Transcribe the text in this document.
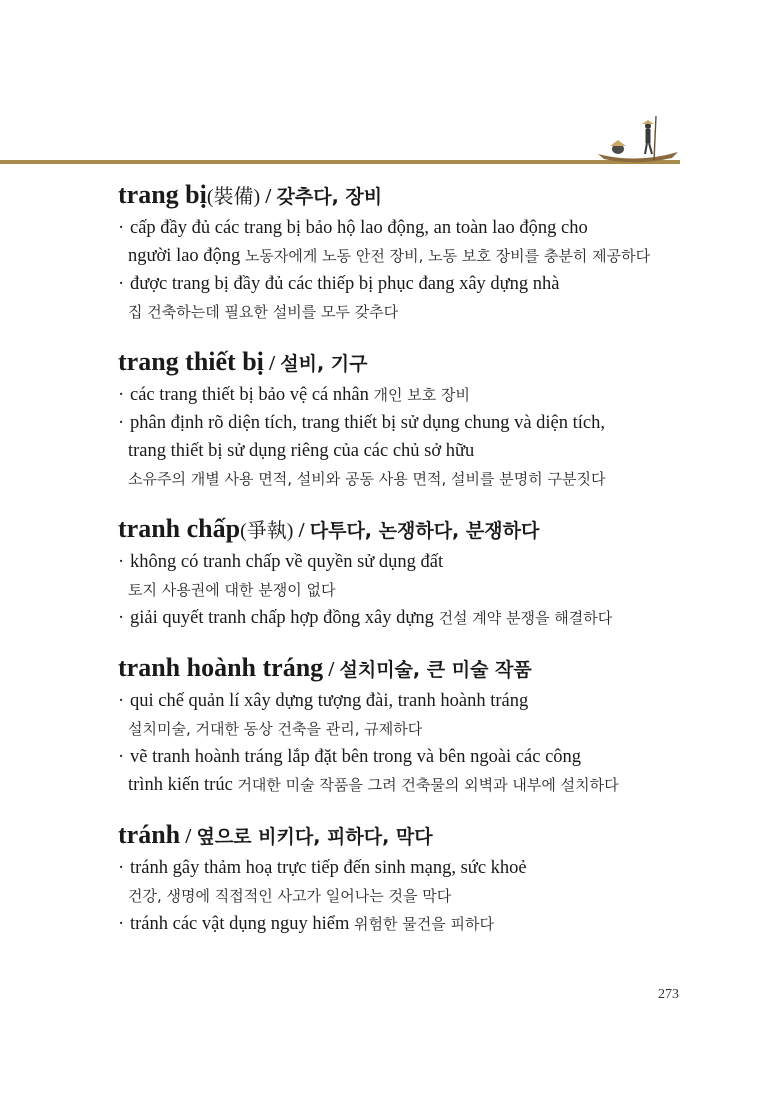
trang bị(裝備) / 갖추다, 장비
· cấp đầy đủ các trang bị bảo hộ lao động, an toàn lao động cho
người lao động 노동자에게 노동 안전 장비, 노동 보호 장비를 충분히 제공하다
· được trang bị đầy đủ các thiếp bị phục đang xây dựng nhà
집 건축하는데 필요한 설비를 모두 갖추다
trang thiết bị / 설비, 기구
· các trang thiết bị bảo vệ cá nhân 개인 보호 장비
· phân định rõ diện tích, trang thiết bị sử dụng chung và diện tích,
trang thiết bị sử dụng riêng của các chủ sở hữu
소유주의 개별 사용 면적, 설비와 공동 사용 면적, 설비를 분명히 구분짓다
tranh chấp(爭執) / 다투다, 논쟁하다, 분쟁하다
· không có tranh chấp về quyền sử dụng đất
토지 사용권에 대한 분쟁이 없다
· giải quyết tranh chấp hợp đồng xây dựng 건설 계약 분쟁을 해결하다
tranh hoành tráng / 설치미술, 큰 미술 작품
· qui chế quản lí xây dựng tượng đài, tranh hoành tráng
설치미술, 거대한 동상 건축을 관리, 규제하다
· vẽ tranh hoành tráng lắp đặt bên trong và bên ngoài các công
trình kiến trúc 거대한 미술 작품을 그려 건축물의 외벽과 내부에 설치하다
tránh / 옆으로 비키다, 피하다, 막다
· tránh gây thảm hoạ trực tiếp đến sinh mạng, sức khoẻ
건강, 생명에 직접적인 사고가 일어나는 것을 막다
· tránh các vật dụng nguy hiểm 위험한 물건을 피하다
273
